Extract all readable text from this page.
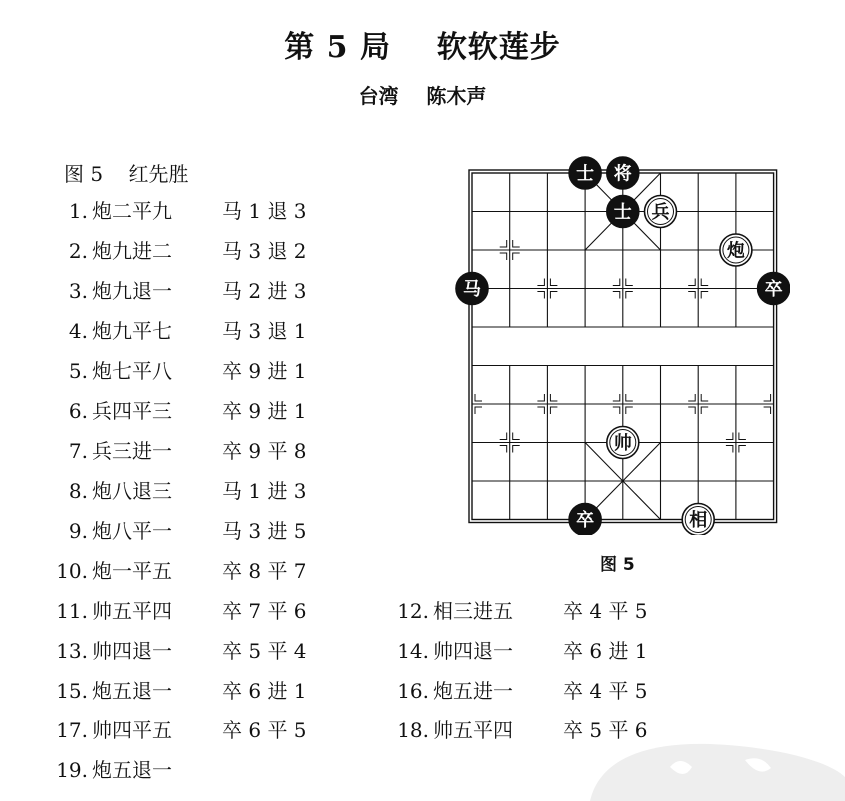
第 5 局    软软莲步
台湾    陈木声
图 5    红先胜
1. 炮二平九	马 1 退 3
2. 炮九进二	马 3 退 2
3. 炮九退一	马 2 进 3
4. 炮九平七	马 3 退 1
5. 炮七平八	卒 9 进 1
6. 兵四平三	卒 9 进 1
7. 兵三进一	卒 9 平 8
8. 炮八退三	马 1 进 3
9. 炮八平一	马 3 进 5
10. 炮一平五	卒 8 平 7
11. 帅五平四	卒 7 平 6	12. 相三进五	卒 4 平 5
13. 帅四退一	卒 5 平 4	14. 帅四退一	卒 6 进 1
15. 炮五退一	卒 6 进 1	16. 炮五进一	卒 4 平 5
17. 帅四平五	卒 6 平 5	18. 帅五平四	卒 5 平 6
19. 炮五退一
士 将
士 兵
炮
马	卒
帅
卒	相
图 5
